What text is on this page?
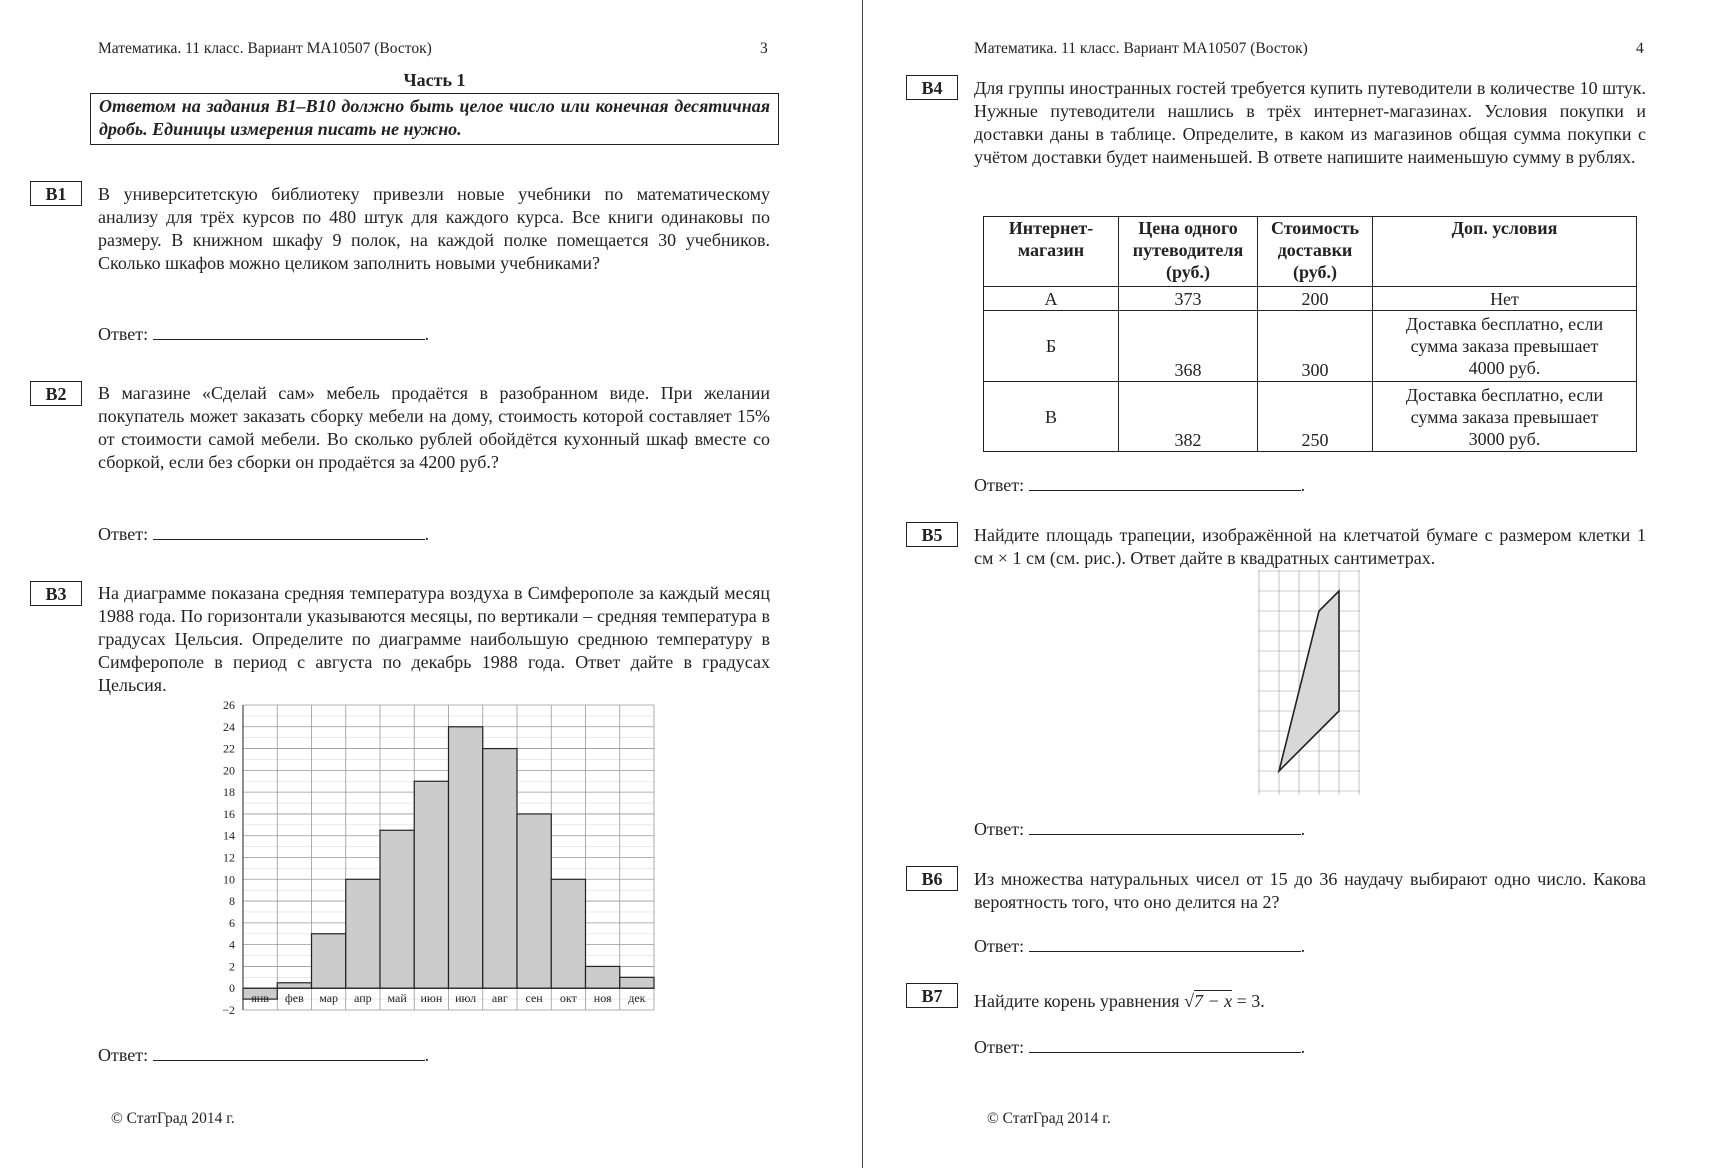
Математика. 11 класс. Вариант МА10507 (Восток)	3
Часть 1
Ответом на задания B1–B10 должно быть целое число или конечная десятичная дробь. Единицы измерения писать не нужно.
B1	В университетскую библиотеку привезли новые учебники по математическому анализу для трёх курсов по 480 штук для каждого курса. Все книги одинаковы по размеру. В книжном шкафу 9 полок, на каждой полке помещается 30 учебников. Сколько шкафов можно целиком заполнить новыми учебниками?
Ответ:	.
B2	В магазине «Сделай сам» мебель продаётся в разобранном виде. При желании покупатель может заказать сборку мебели на дому, стоимость которой составляет 15% от стоимости самой мебели. Во сколько рублей обойдётся кухонный шкаф вместе со сборкой, если без сборки он продаётся за 4200 руб.?
Ответ:	.
B3	На диаграмме показана средняя температура воздуха в Симферополе за каждый месяц 1988 года. По горизонтали указываются месяцы, по вертикали – средняя температура в градусах Цельсия. Определите по диаграмме наибольшую среднюю температуру в Симферополе в период с августа по декабрь 1988 года. Ответ дайте в градусах Цельсия.
янв фев мар апр май июн июл авг сен окт ноя дек
−2
0
2
4
6
8
10
12
14
16
18
20
22
24
26
Ответ:	.
© СтатГрад 2014 г.
Математика. 11 класс. Вариант МА10507 (Восток)	4
B4	Для группы иностранных гостей требуется купить путеводители в количестве 10 штук. Нужные путеводители нашлись в трёх интернет-магазинах. Условия покупки и доставки даны в таблице. Определите, в каком из магазинов общая сумма покупки с учётом доставки будет наименьшей. В ответе напишите наименьшую сумму в рублях.
Интернет-магазин	Цена одного путеводителя (руб.)	Стоимость доставки (руб.)	Доп. условия
А	373	200	Нет
Б	368	300	Доставка бесплатно, если сумма заказа превышает 4000 руб.
В	382	250	Доставка бесплатно, если сумма заказа превышает 3000 руб.
Ответ:	.
B5	Найдите площадь трапеции, изображённой на клетчатой бумаге с размером клетки 1 см × 1 см (см. рис.). Ответ дайте в квадратных сантиметрах.
Ответ:	.
B6	Из множества натуральных чисел от 15 до 36 наудачу выбирают одно число. Какова вероятность того, что оно делится на 2?
Ответ:	.
B7	Найдите корень уравнения √7 − x = 3.
Ответ:	.
© СтатГрад 2014 г.
